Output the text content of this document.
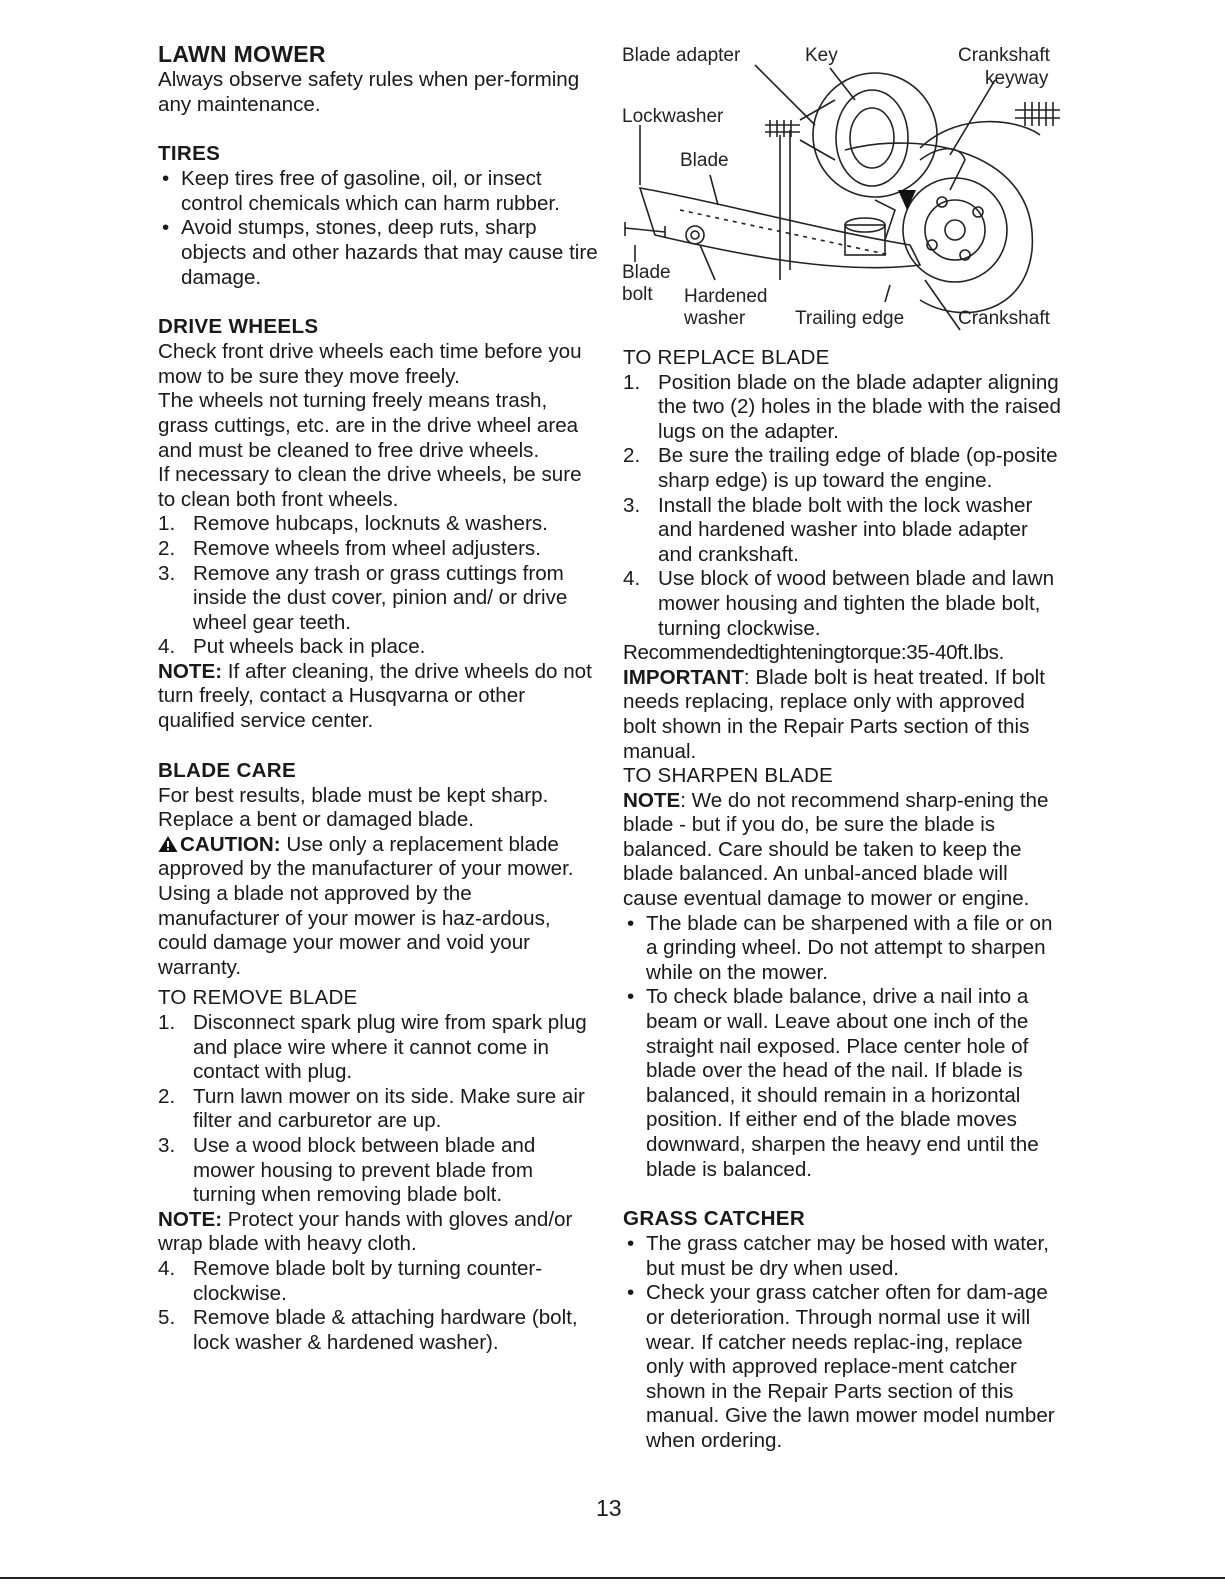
LAWN MOWER

Always observe safety rules when per-forming any maintenance.

TIRES
• Keep tires free of gasoline, oil, or insect control chemicals which can harm rubber.
• Avoid stumps, stones, deep ruts, sharp objects and other hazards that may cause tire damage.
DRIVE WHEELS

Check front drive wheels each time before you mow to be sure they move freely.

The wheels not turning freely means trash, grass cuttings, etc. are in the drive wheel area and must be cleaned to free drive wheels.

If necessary to clean the drive wheels, be sure to clean both front wheels.

1. Remove hubcaps, locknuts & washers.
2. Remove wheels from wheel adjusters.
3. Remove any trash or grass cuttings from inside the dust cover, pinion and/ or drive wheel gear teeth.
4. Put wheels back in place.

NOTE: If after cleaning, the drive wheels do not turn freely, contact a Husqvarna or other qualified service center.

BLADE CARE

For best results, blade must be kept sharp. Replace a bent or damaged blade.

CAUTION: Use only a replacement blade approved by the manufacturer of your mower. Using a blade not approved by the manufacturer of your mower is haz-ardous, could damage your mower and void your warranty.

TO REMOVE BLADE

1. Disconnect spark plug wire from spark plug and place wire where it cannot come in contact with plug.
2. Turn lawn mower on its side. Make sure air filter and carburetor are up.
3. Use a wood block between blade and mower housing to prevent blade from turning when removing blade bolt.

NOTE: Protect your hands with gloves and/or wrap blade with heavy cloth.

4. Remove blade bolt by turning counter-clockwise.
5. Remove blade & attaching hardware (bolt, lock washer & hardened washer).
Blade adapter	Key	Crankshaft
keyway
Lockwasher
Blade
Blade
bolt Hardened
washer	Trailing edge	Crankshaft

TO REPLACE BLADE

1. Position blade on the blade adapter aligning the two (2) holes in the blade with the raised lugs on the adapter.
2. Be sure the trailing edge of blade (op-posite sharp edge) is up toward the engine.
3. Install the blade bolt with the lock washer and hardened washer into blade adapter and crankshaft.
4. Use block of wood between blade and lawn mower housing and tighten the blade bolt, turning clockwise.

Recommendedtighteningtorque:35-40ft.lbs.

IMPORTANT: Blade bolt is heat treated. If bolt needs replacing, replace only with approved bolt shown in the Repair Parts section of this manual.

TO SHARPEN BLADE

NOTE: We do not recommend sharp-ening the blade - but if you do, be sure the blade is balanced. Care should be taken to keep the blade balanced. An unbal-anced blade will cause eventual damage to mower or engine.

• The blade can be sharpened with a file or on a grinding wheel. Do not attempt to sharpen while on the mower.
• To check blade balance, drive a nail into a beam or wall. Leave about one inch of the straight nail exposed. Place center hole of blade over the head of the nail. If blade is balanced, it should remain in a horizontal position. If either end of the blade moves downward, sharpen the heavy end until the blade is balanced.
GRASS CATCHER
• The grass catcher may be hosed with water, but must be dry when used.
• Check your grass catcher often for dam-age or deterioration. Through normal use it will wear. If catcher needs replac-ing, replace only with approved replace-ment catcher shown in the Repair Parts section of this manual. Give the lawn mower model number when ordering.
13
